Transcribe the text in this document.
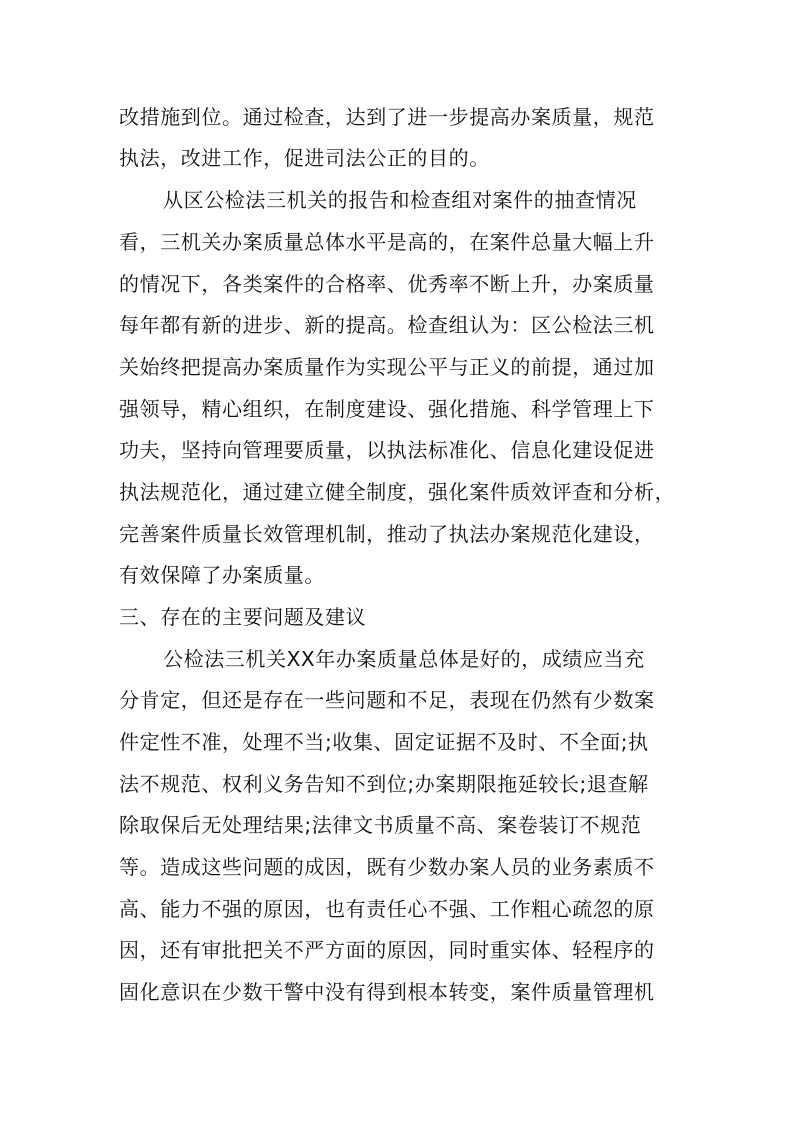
改措施到位。通过检查，达到了进一步提高办案质量，规范
执法，改进工作，促进司法公正的目的。
从区公检法三机关的报告和检查组对案件的抽查情况
看，三机关办案质量总体水平是高的，在案件总量大幅上升
的情况下，各类案件的合格率、优秀率不断上升，办案质量
每年都有新的进步、新的提高。检查组认为：区公检法三机
关始终把提高办案质量作为实现公平与正义的前提，通过加
强领导，精心组织，在制度建设、强化措施、科学管理上下
功夫，坚持向管理要质量，以执法标准化、信息化建设促进
执法规范化，通过建立健全制度，强化案件质效评查和分析，
完善案件质量长效管理机制，推动了执法办案规范化建设，
有效保障了办案质量。
三、存在的主要问题及建议
公检法三机关XX年办案质量总体是好的，成绩应当充
分肯定，但还是存在一些问题和不足，表现在仍然有少数案
件定性不准，处理不当;收集、固定证据不及时、不全面;执
法不规范、权利义务告知不到位;办案期限拖延较长;退查解
除取保后无处理结果;法律文书质量不高、案卷装订不规范
等。造成这些问题的成因，既有少数办案人员的业务素质不
高、能力不强的原因，也有责任心不强、工作粗心疏忽的原
因，还有审批把关不严方面的原因，同时重实体、轻程序的
固化意识在少数干警中没有得到根本转变，案件质量管理机
